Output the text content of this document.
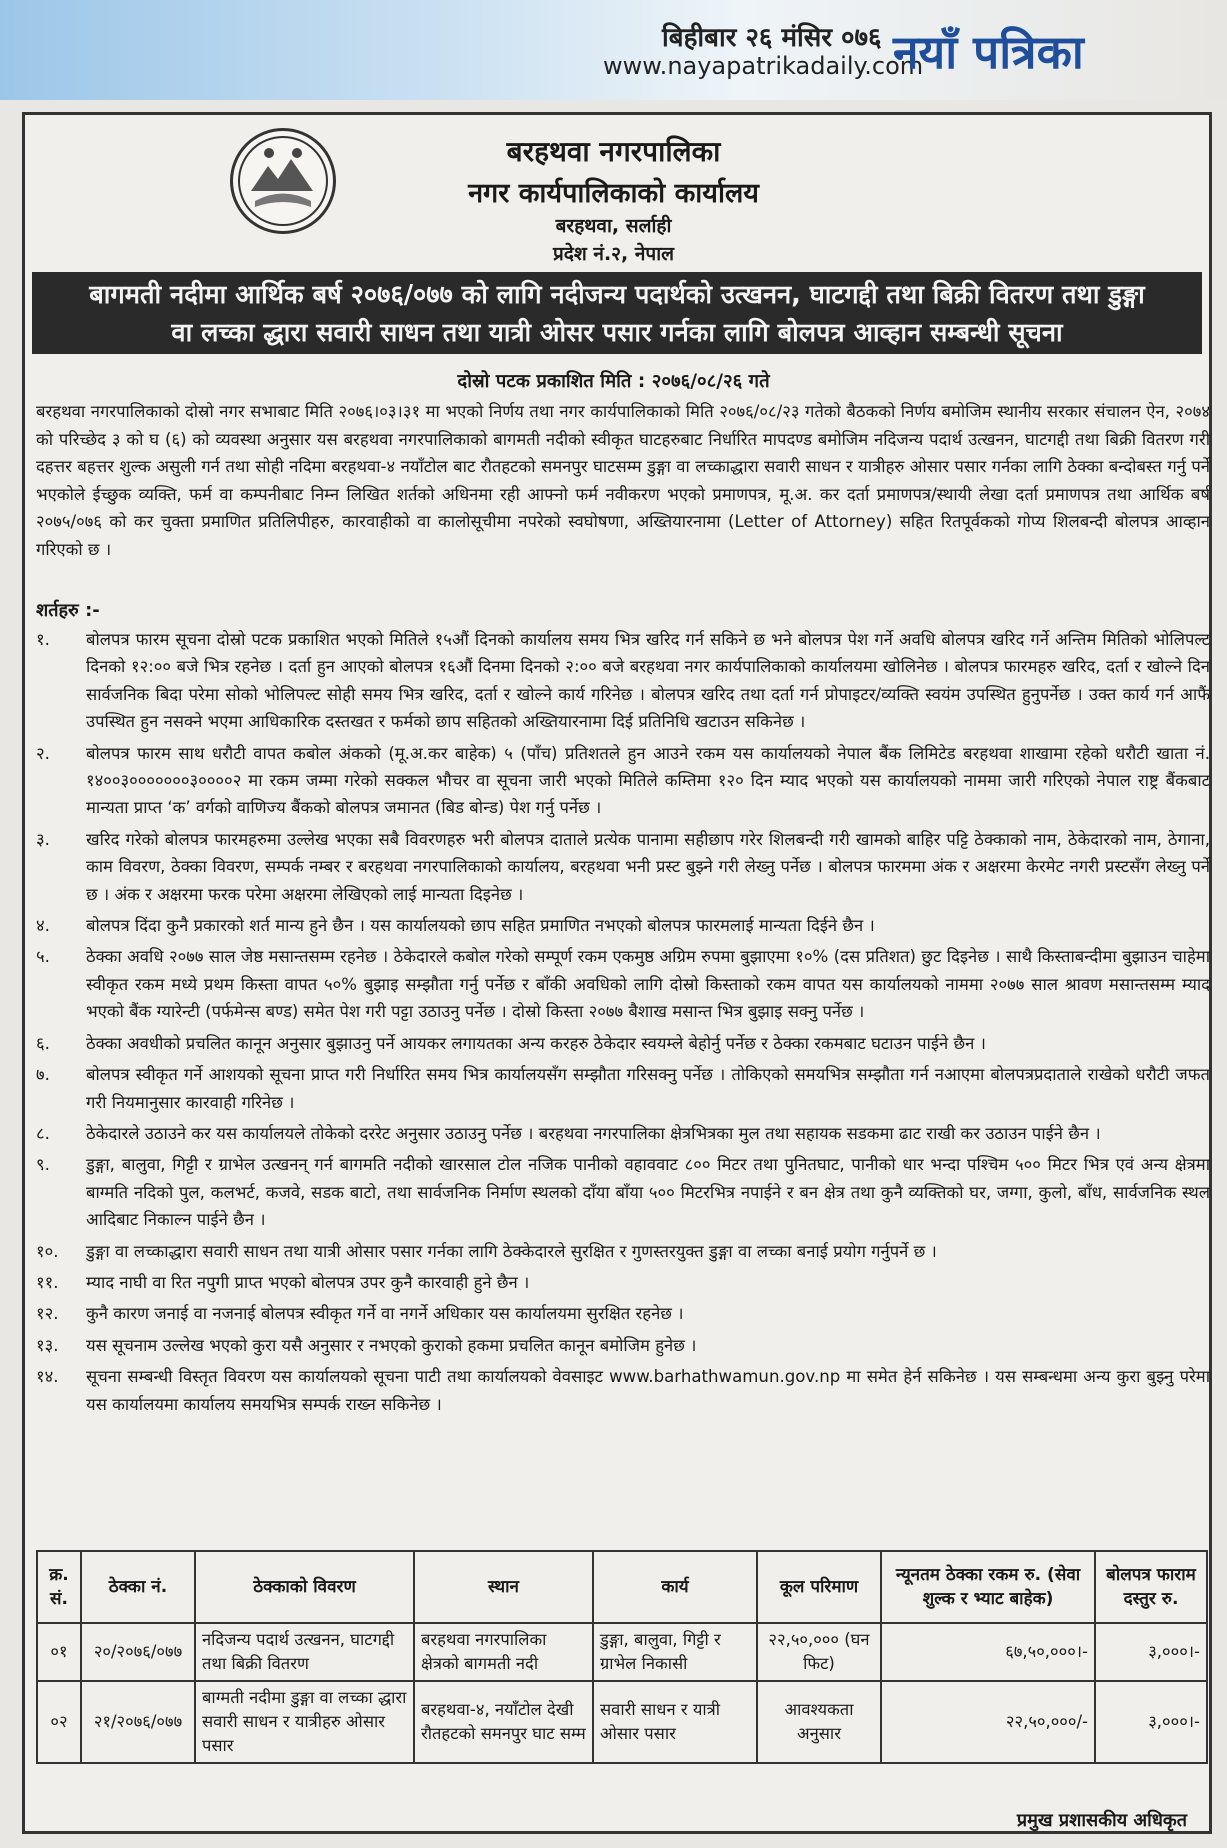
बिहीबार २६ मंसिर ०७६
www.nayapatrikadaily.com
नयाँ पत्रिका
बरहथवा नगरपालिका
नगर कार्यपालिकाको कार्यालय
बरहथवा, सर्लाही
प्रदेश नं.२, नेपाल
बागमती नदीमा आर्थिक बर्ष २०७६/०७७ को लागि नदीजन्य पदार्थको उत्खनन, घाटगद्दी तथा बिक्री वितरण तथा डुङ्गा
वा लच्का द्धारा सवारी साधन तथा यात्री ओसर पसार गर्नका लागि बोलपत्र आव्हान सम्बन्धी सूचना
दोस्रो पटक प्रकाशित मिति : २०७६/०८/२६ गते
बरहथवा नगरपालिकाको दोस्रो नगर सभाबाट मिति २०७६।०३।३१ मा भएको निर्णय तथा नगर कार्यपालिकाको मिति २०७६/०८/२३ गतेको बैठकको निर्णय बमोजिम स्थानीय सरकार संचालन ऐन, २०७४ को परिच्छेद ३ को घ (६) को व्यवस्था अनुसार यस बरहथवा नगरपालिकाको बागमती नदीको स्वीकृत घाटहरुबाट निर्धारित मापदण्ड बमोजिम नदिजन्य पदार्थ उत्खनन, घाटगद्दी तथा बिक्री वितरण गरी दहत्तर बहत्तर शुल्क असुली गर्न तथा सोही नदिमा बरहथवा-४ नयाँटोल बाट रौतहटको समनपुर घाटसम्म डुङ्गा वा लच्काद्धारा सवारी साधन र यात्रीहरु ओसार पसार गर्नका लागि ठेक्का बन्दोबस्त गर्नु पर्ने भएकोले ईच्छुक व्यक्ति, फर्म वा कम्पनीबाट निम्न लिखित शर्तको अधिनमा रही आफ्नो फर्म नवीकरण भएको प्रमाणपत्र, मू.अ. कर दर्ता प्रमाणपत्र/स्थायी लेखा दर्ता प्रमाणपत्र तथा आर्थिक बर्ष २०७५/०७६ को कर चुक्ता प्रमाणित प्रतिलिपीहरु, कारवाहीको वा कालोसूचीमा नपरेको स्वघोषणा, अख्तियारनामा (Letter of Attorney) सहित रितपूर्वकको गोप्य शिलबन्दी बोलपत्र आव्हान गरिएको छ ।
शर्तहरु :-
१.	बोलपत्र फारम सूचना दोस्रो पटक प्रकाशित भएको मितिले १५औं दिनको कार्यालय समय भित्र खरिद गर्न सकिने छ भने बोलपत्र पेश गर्ने अवधि बोलपत्र खरिद गर्ने अन्तिम मितिको भोलिपल्ट दिनको १२:०० बजे भित्र रहनेछ । दर्ता हुन आएको बोलपत्र १६औं दिनमा दिनको २:०० बजे बरहथवा नगर कार्यपालिकाको कार्यालयमा खोलिनेछ । बोलपत्र फारमहरु खरिद, दर्ता र खोल्ने दिन सार्वजनिक बिदा परेमा सोको भोलिपल्ट सोही समय भित्र खरिद, दर्ता र खोल्ने कार्य गरिनेछ । बोलपत्र खरिद तथा दर्ता गर्न प्रोपाइटर/व्यक्ति स्वयंम उपस्थित हुनुपर्नेछ । उक्त कार्य गर्न आफैं उपस्थित हुन नसक्ने भएमा आधिकारिक दस्तखत र फर्मको छाप सहितको अख्तियारनामा दिई प्रतिनिधि खटाउन सकिनेछ ।
२.	बोलपत्र फारम साथ धरौटी वापत कबोल अंकको (मू.अ.कर बाहेक) ५ (पाँच) प्रतिशतले हुन आउने रकम यस कार्यालयको नेपाल बैंक लिमिटेड बरहथवा शाखामा रहेको धरौटी खाता नं. १४००३०००००००३००००२ मा रकम जम्मा गरेको सक्कल भौचर वा सूचना जारी भएको मितिले कम्तिमा १२० दिन म्याद भएको यस कार्यालयको नाममा जारी गरिएको नेपाल राष्ट्र बैंकबाट मान्यता प्राप्त ‘क’ वर्गको वाणिज्य बैंकको बोलपत्र जमानत (बिड बोन्ड) पेश गर्नु पर्नेछ ।
३.	खरिद गरेको बोलपत्र फारमहरुमा उल्लेख भएका सबै विवरणहरु भरी बोलपत्र दाताले प्रत्येक पानामा सहीछाप गरेर शिलबन्दी गरी खामको बाहिर पट्टि ठेक्काको नाम, ठेकेदारको नाम, ठेगाना, काम विवरण, ठेक्का विवरण, सम्पर्क नम्बर र बरहथवा नगरपालिकाको कार्यालय, बरहथवा भनी प्रस्ट बुझ्ने गरी लेख्नु पर्नेछ । बोलपत्र फारममा अंक र अक्षरमा केरमेट नगरी प्रस्टसँग लेख्नु पर्ने छ । अंक र अक्षरमा फरक परेमा अक्षरमा लेखिएको लाई मान्यता दिइनेछ ।
४.	बोलपत्र दिंदा कुनै प्रकारको शर्त मान्य हुने छैन । यस कार्यालयको छाप सहित प्रमाणित नभएको बोलपत्र फारमलाई मान्यता दिईने छैन ।
५.	ठेक्का अवधि २०७७ साल जेष्ठ मसान्तसम्म रहनेछ । ठेकेदारले कबोल गरेको सम्पूर्ण रकम एकमुष्ठ अग्रिम रुपमा बुझाएमा १०% (दस प्रतिशत) छुट दिइनेछ । साथै किस्ताबन्दीमा बुझाउन चाहेमा स्वीकृत रकम मध्ये प्रथम किस्ता वापत ५०% बुझाइ सम्झौता गर्नु पर्नेछ र बाँकी अवधिको लागि दोस्रो किस्ताको रकम वापत यस कार्यालयको नाममा २०७७ साल श्रावण मसान्तसम्म म्याद भएको बैंक ग्यारेन्टी (पर्फमेन्स बण्ड) समेत पेश गरी पट्टा उठाउनु पर्नेछ । दोस्रो किस्ता २०७७ बैशाख मसान्त भित्र बुझाइ सक्नु पर्नेछ ।
६.	ठेक्का अवधीको प्रचलित कानून अनुसार बुझाउनु पर्ने आयकर लगायतका अन्य करहरु ठेकेदार स्वयम्ले बेहोर्नु पर्नेछ र ठेक्का रकमबाट घटाउन पाईने छैन ।
७.	बोलपत्र स्वीकृत गर्ने आशयको सूचना प्राप्त गरी निर्धारित समय भित्र कार्यालयसँग सम्झौता गरिसक्नु पर्नेछ । तोकिएको समयभित्र सम्झौता गर्न नआएमा बोलपत्रप्रदाताले राखेको धरौटी जफत गरी नियमानुसार कारवाही गरिनेछ ।
८.	ठेकेदारले उठाउने कर यस कार्यालयले तोकेको दररेट अनुसार उठाउनु पर्नेछ । बरहथवा नगरपालिका क्षेत्रभित्रका मुल तथा सहायक सडकमा ढाट राखी कर उठाउन पाईने छैन ।
९.	डुङ्गा, बालुवा, गिट्टी र ग्राभेल उत्खनन् गर्न बागमति नदीको खारसाल टोल नजिक पानीको वहाववाट ८०० मिटर तथा पुनितघाट, पानीको धार भन्दा पश्चिम ५०० मिटर भित्र एवं अन्य क्षेत्रमा बाग्मति नदिको पुल, कलभर्ट, कजवे, सडक बाटो, तथा सार्वजनिक निर्माण स्थलको दाँया बाँया ५०० मिटरभित्र नपाईने र बन क्षेत्र तथा कुनै व्यक्तिको घर, जग्गा, कुलो, बाँध, सार्वजनिक स्थल आदिबाट निकाल्न पाईने छैन ।
१०.	डुङ्गा वा लच्काद्धारा सवारी साधन तथा यात्री ओसार पसार गर्नका लागि ठेक्केदारले सुरक्षित र गुणस्तरयुक्त डुङ्गा वा लच्का बनाई प्रयोग गर्नुपर्ने छ ।
११.	म्याद नाघी वा रित नपुगी प्राप्त भएको बोलपत्र उपर कुनै कारवाही हुने छैन ।
१२.	कुनै कारण जनाई वा नजनाई बोलपत्र स्वीकृत गर्ने वा नगर्ने अधिकार यस कार्यालयमा सुरक्षित रहनेछ ।
१३.	यस सूचनाम उल्लेख भएको कुरा यसै अनुसार र नभएको कुराको हकमा प्रचलित कानून बमोजिम हुनेछ ।
१४.	सूचना सम्बन्धी विस्तृत विवरण यस कार्यालयको सूचना पाटी तथा कार्यालयको वेवसाइट www.barhathwamun.gov.np मा समेत हेर्न सकिनेछ । यस सम्बन्धमा अन्य कुरा बुझ्नु परेमा यस कार्यालयमा कार्यालय समयभित्र सम्पर्क राख्न सकिनेछ ।
क्र. सं.	ठेक्का नं.	ठेक्काको विवरण	स्थान	कार्य	कूल परिमाण	न्यूनतम ठेक्का रकम रु. (सेवा शुल्क र भ्याट बाहेक)	बोलपत्र फाराम दस्तुर रु.
०१	२०/२०७६/०७७	नदिजन्य पदार्थ उत्खनन, घाटगद्दी तथा बिक्री वितरण	बरहथवा नगरपालिका क्षेत्रको बागमती नदी	डुङ्गा, बालुवा, गिट्टी र ग्राभेल निकासी	२२,५०,००० (घन फिट)	६७,५०,०००।-	३,०००।-
०२	२१/२०७६/०७७	बाग्मती नदीमा डुङ्गा वा लच्का द्धारा सवारी साधन र यात्रीहरु ओसार पसार	बरहथवा-४, नयाँटोल देखी रौतहटको समनपुर घाट सम्म	सवारी साधन र यात्री ओसार पसार	आवश्यकता अनुसार	२२,५०,०००/-	३,०००।-
प्रमुख प्रशासकीय अधिकृत
